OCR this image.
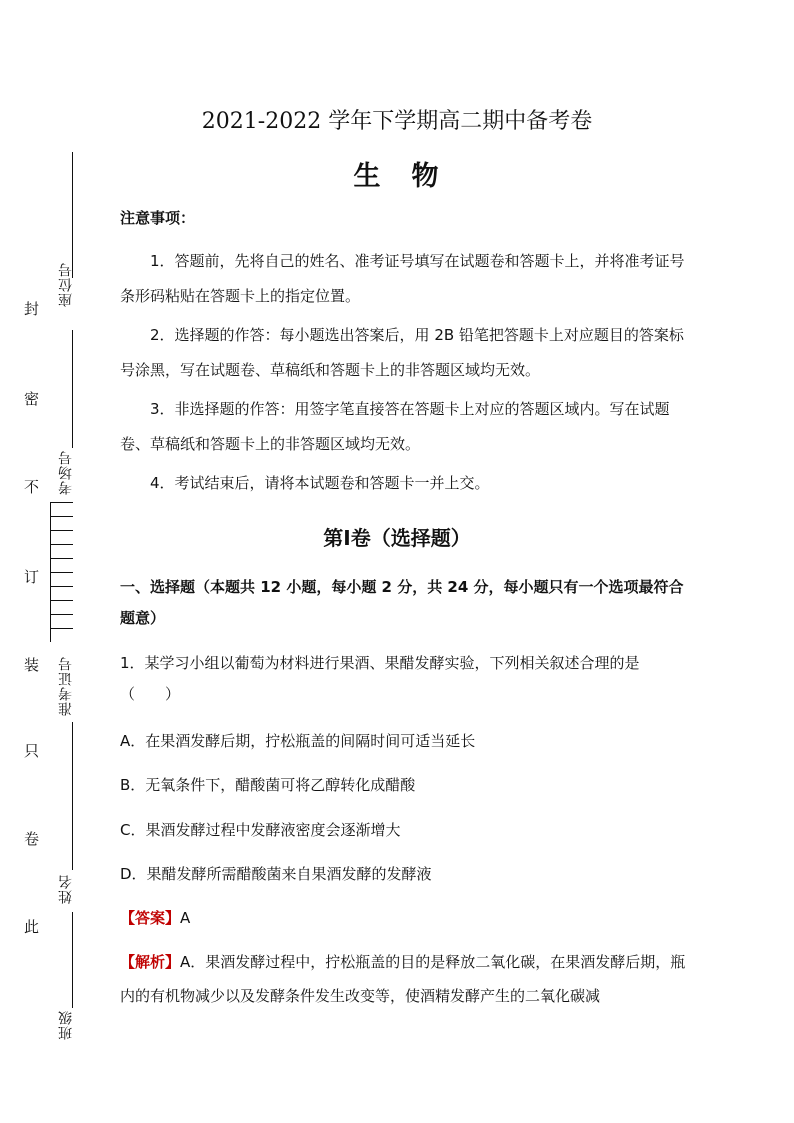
座位号
考场号
准考证号
姓名
班级
封
密
不
订
装
只
卷
此
2021-2022 学年下学期高二期中备考卷
生　物
注意事项：
1．答题前，先将自己的姓名、准考证号填写在试题卷和答题卡上，并将准考证号条形码粘贴在答题卡上的指定位置。
2．选择题的作答：每小题选出答案后，用 2B 铅笔把答题卡上对应题目的答案标号涂黑，写在试题卷、草稿纸和答题卡上的非答题区域均无效。
3．非选择题的作答：用签字笔直接答在答题卡上对应的答题区域内。写在试题卷、草稿纸和答题卡上的非答题区域均无效。
4．考试结束后，请将本试题卷和答题卡一并上交。
第Ⅰ卷（选择题）
一、选择题（本题共 12 小题，每小题 2 分，共 24 分，每小题只有一个选项最符合题意）
1．某学习小组以葡萄为材料进行果酒、果醋发酵实验，下列相关叙述合理的是（　　）
A．在果酒发酵后期，拧松瓶盖的间隔时间可适当延长
B．无氧条件下，醋酸菌可将乙醇转化成醋酸
C．果酒发酵过程中发酵液密度会逐渐增大
D．果醋发酵所需醋酸菌来自果酒发酵的发酵液
【答案】A
【解析】A．果酒发酵过程中，拧松瓶盖的目的是释放二氧化碳，在果酒发酵后期，瓶内的有机物减少以及发酵条件发生改变等，使酒精发酵产生的二氧化碳减
